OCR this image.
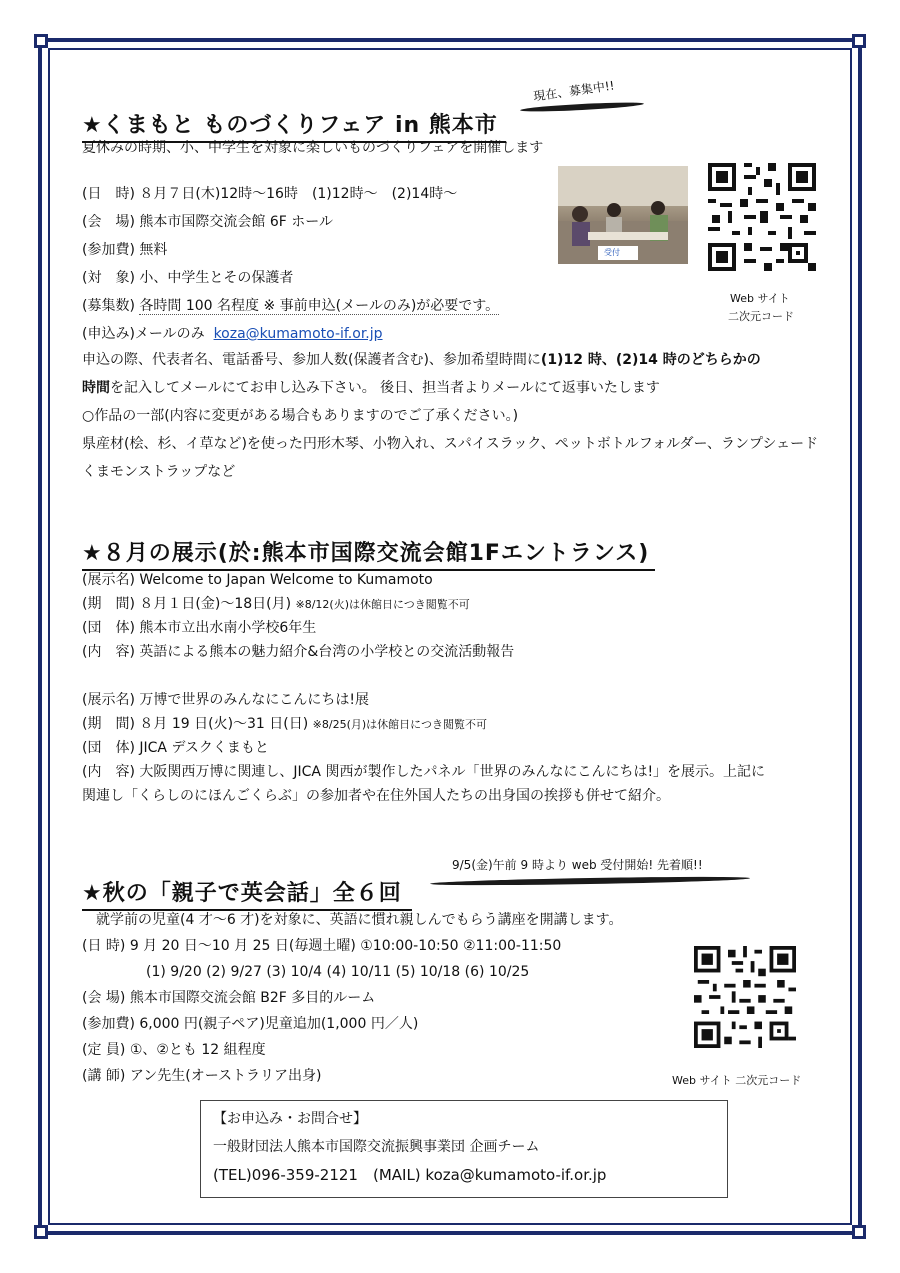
現在、募集中!!
★くまもと ものづくりフェア in 熊本市
夏休みの時期、小、中学生を対象に楽しいものづくりフェアを開催します
(日　時) ８月７日(木)12時～16時　(1)12時～　(2)14時～
(会　場) 熊本市国際交流会館 6F ホール
(参加費) 無料
(対　象) 小、中学生とその保護者
(募集数) 各時間 100 名程度 ※ 事前申込(メールのみ)が必要です。
(申込み)メールのみ koza@kumamoto-if.or.jp
申込の際、代表者名、電話番号、参加人数(保護者含む)、参加希望時間に(1)12 時、(2)14 時のどちらかの
時間を記入してメールにてお申し込み下さい。 後日、担当者よりメールにて返事いたします
○作品の一部(内容に変更がある場合もありますのでご了承ください。)
県産材(桧、杉、イ草など)を使った円形木琴、小物入れ、スパイスラック、ペットボトルフォルダー、ランプシェード
くまモンストラップなど
受付
Web サイト
二次元コード
★８月の展示(於:熊本市国際交流会館1Fエントランス)
(展示名) Welcome to Japan Welcome to Kumamoto
(期　間) ８月１日(金)～18日(月) ※8/12(火)は休館日につき閲覧不可
(団　体) 熊本市立出水南小学校6年生
(内　容) 英語による熊本の魅力紹介&台湾の小学校との交流活動報告
(展示名) 万博で世界のみんなにこんにちは!展
(期　間) ８月 19 日(火)～31 日(日) ※8/25(月)は休館日につき閲覧不可
(団　体) JICA デスクくまもと
(内　容) 大阪関西万博に関連し、JICA 関西が製作したパネル「世界のみんなにこんにちは!」を展示。上記に
関連し「くらしのにほんごくらぶ」の参加者や在住外国人たちの出身国の挨拶も併せて紹介。
9/5(金)午前 9 時より web 受付開始! 先着順!!
★秋の「親子で英会話」全６回
就学前の児童(4 才～6 才)を対象に、英語に慣れ親しんでもらう講座を開講します。
(日 時) 9 月 20 日～10 月 25 日(毎週土曜) ①10:00-10:50 ②11:00-11:50
(1) 9/20 (2) 9/27 (3) 10/4 (4) 10/11 (5) 10/18 (6) 10/25
(会 場) 熊本市国際交流会館 B2F 多目的ルーム
(参加費) 6,000 円(親子ペア)児童追加(1,000 円／人)
(定 員) ①、②とも 12 組程度
(講 師) アン先生(オーストラリア出身)	Web サイト 二次元コード
【お申込み・お問合せ】
一般財団法人熊本市国際交流振興事業団 企画チーム
(TEL)096-359-2121　(MAIL) koza@kumamoto-if.or.jp
